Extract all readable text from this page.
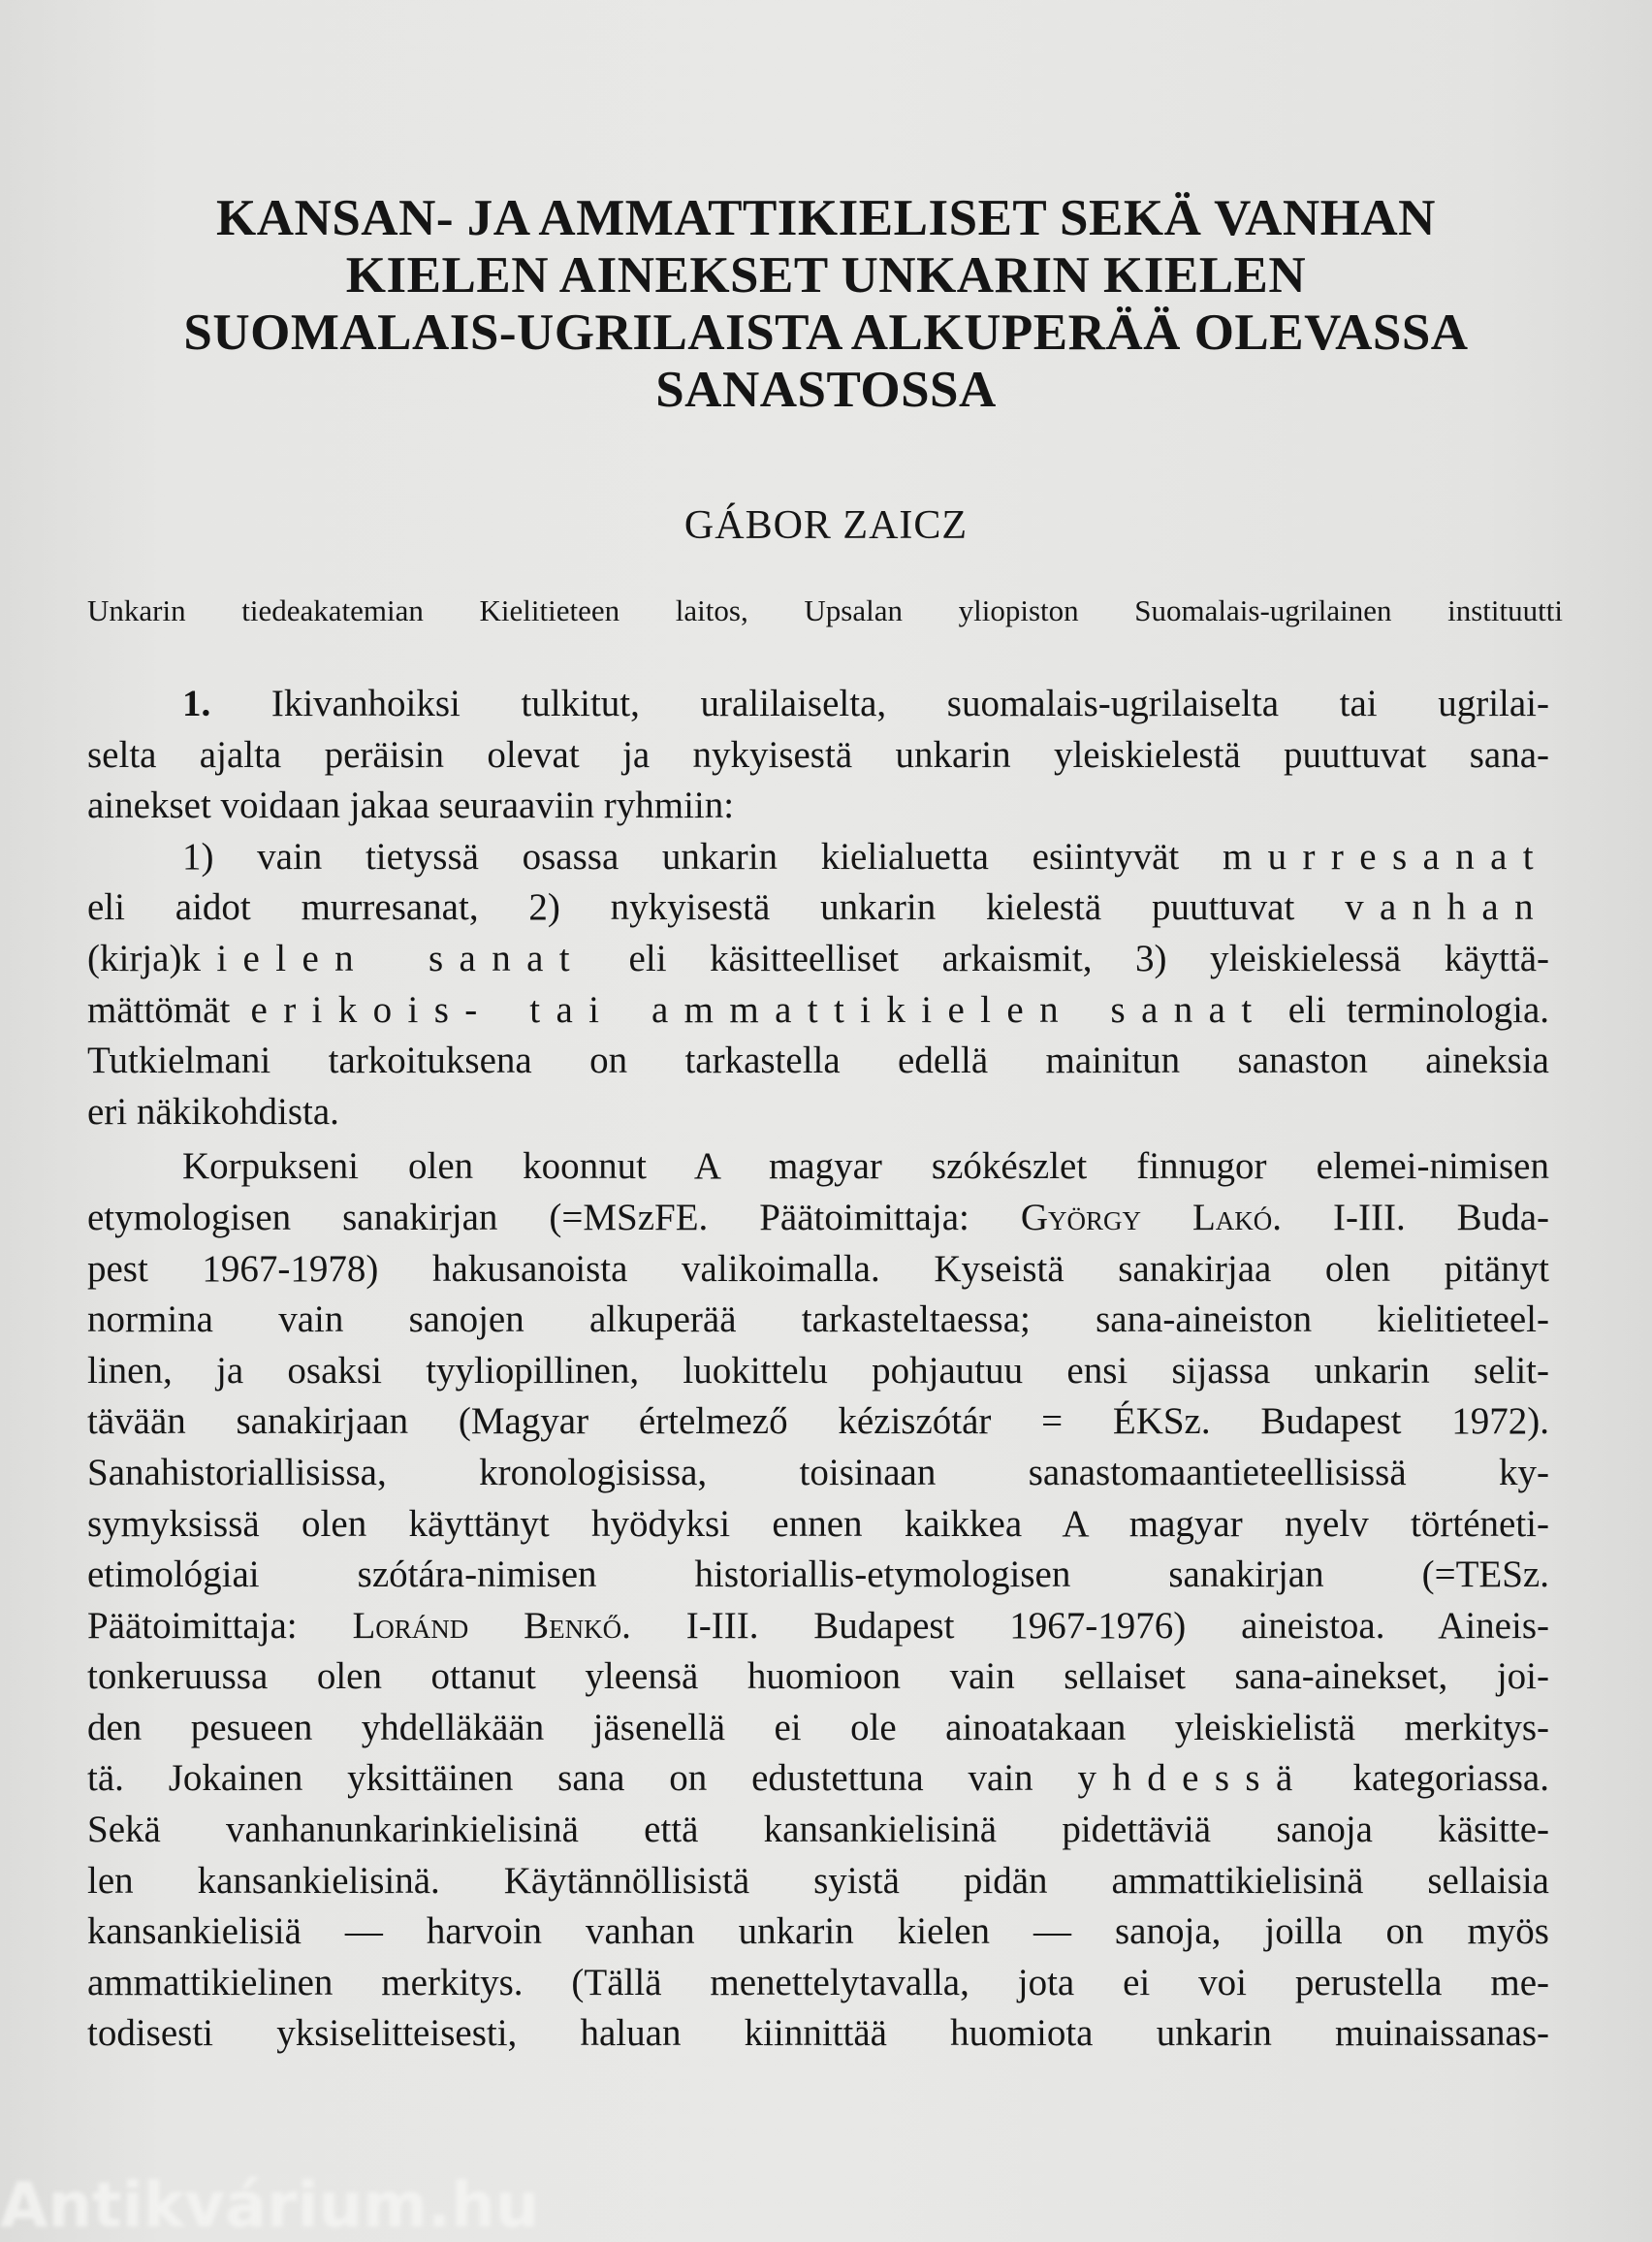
KANSAN- JA AMMATTIKIELISET SEKÄ VANHAN
KIELEN AINEKSET UNKARIN KIELEN
SUOMALAIS-UGRILAISTA ALKUPERÄÄ OLEVASSA
SANASTOSSA
GÁBOR ZAICZ
Unkarin tiedeakatemian Kielitieteen laitos, Upsalan yliopiston Suomalais-ugrilainen instituutti
1. Ikivanhoiksi tulkitut, uralilaiselta, suomalais-ugrilaiselta tai ugrilai-
selta ajalta peräisin olevat ja nykyisestä unkarin yleiskielestä puuttuvat sana-
ainekset voidaan jakaa seuraaviin ryhmiin:
1) vain tietyssä osassa unkarin kielialuetta esiintyvät murresanat
eli aidot murresanat, 2) nykyisestä unkarin kielestä puuttuvat vanhan
(kirja)kielen sanat eli käsitteelliset arkaismit, 3) yleiskielessä käyttä-
mättömät erikois- tai ammattikielen sanat eli terminologia.
Tutkielmani tarkoituksena on tarkastella edellä mainitun sanaston aineksia
eri näkikohdista.
Korpukseni olen koonnut A magyar szókészlet finnugor elemei-nimisen
etymologisen sanakirjan (=MSzFE. Päätoimittaja: György Lakó. I-III. Buda-
pest 1967-1978) hakusanoista valikoimalla. Kyseistä sanakirjaa olen pitänyt
normina vain sanojen alkuperää tarkasteltaessa; sana-aineiston kielitieteel-
linen, ja osaksi tyyliopillinen, luokittelu pohjautuu ensi sijassa unkarin selit-
tävään sanakirjaan (Magyar értelmező kéziszótár = ÉKSz. Budapest 1972).
Sanahistoriallisissa, kronologisissa, toisinaan sanastomaantieteellisissä ky-
symyksissä olen käyttänyt hyödyksi ennen kaikkea A magyar nyelv történeti-
etimológiai szótára-nimisen historiallis-etymologisen sanakirjan (=TESz.
Päätoimittaja: Loránd Benkő. I-III. Budapest 1967-1976) aineistoa. Aineis-
tonkeruussa olen ottanut yleensä huomioon vain sellaiset sana-ainekset, joi-
den pesueen yhdelläkään jäsenellä ei ole ainoatakaan yleiskielistä merkitys-
tä. Jokainen yksittäinen sana on edustettuna vain yhdessä kategoriassa.
Sekä vanhanunkarinkielisinä että kansankielisinä pidettäviä sanoja käsitte-
len kansankielisinä. Käytännöllisistä syistä pidän ammattikielisinä sellaisia
kansankielisiä — harvoin vanhan unkarin kielen — sanoja, joilla on myös
ammattikielinen merkitys. (Tällä menettelytavalla, jota ei voi perustella me-
todisesti yksiselitteisesti, haluan kiinnittää huomiota unkarin muinaissanas-
Antikvárium.hu
